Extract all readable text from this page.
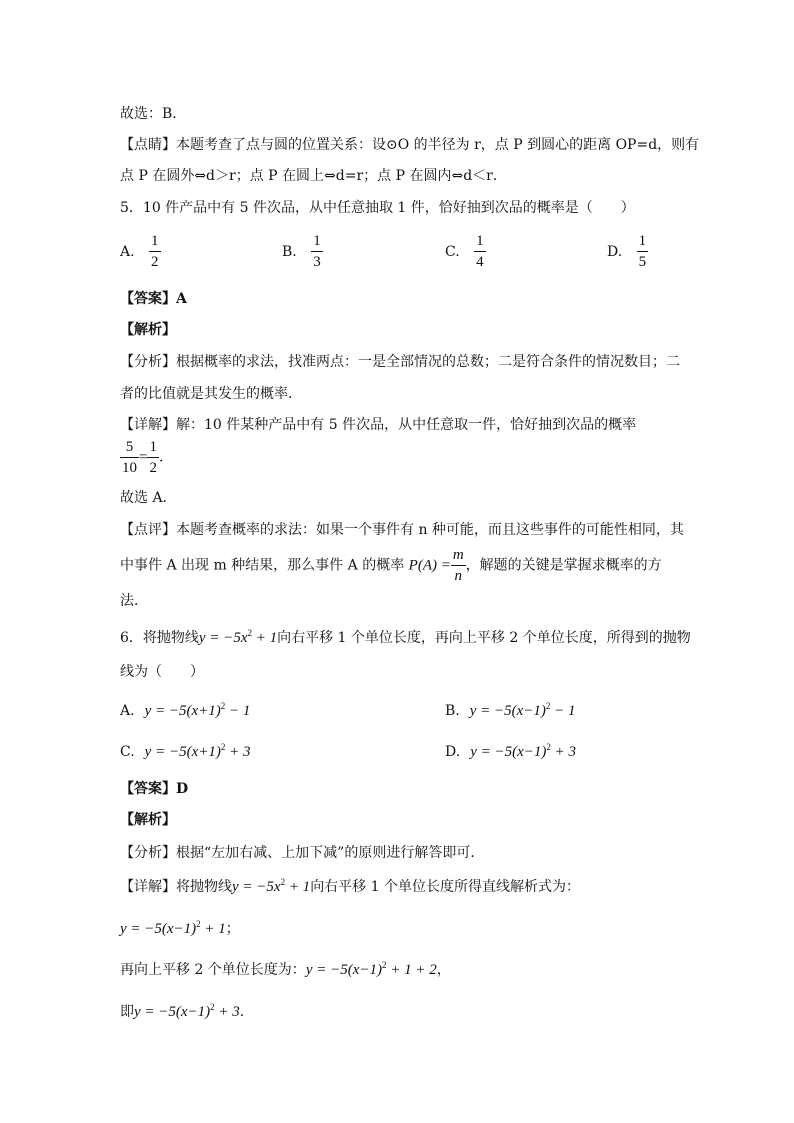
故选：B．
【点睛】本题考查了点与圆的位置关系：设⊙O 的半径为 r，点 P 到圆心的距离 OP=d，则有
点 P 在圆外⇔d＞r；点 P 在圆上⇔d=r；点 P 在圆内⇔d＜r．
5．10 件产品中有 5 件次品，从中任意抽取 1 件，恰好抽到次品的概率是（　　）
A. $\frac{1}{2}$	B. $\frac{1}{3}$	C. $\frac{1}{4}$	D. $\frac{1}{5}$
【答案】A
【解析】
【分析】根据概率的求法，找准两点：一是全部情况的总数；二是符合条件的情况数目；二
者的比值就是其发生的概率．
【详解】解：10 件某种产品中有 5 件次品，从中任意取一件，恰好抽到次品的概率
$\frac{5}{10} = \frac{1}{2}$ ．
故选 A．
【点评】本题考查概率的求法：如果一个事件有 n 种可能，而且这些事件的可能性相同，其
中事件 A 出现 m 种结果，那么事件 A 的概率 $P(A) = \frac{m}{n}$ ，解题的关键是掌握求概率的方
法．
6．将抛物线$y = -5x^2 + 1$向右平移 1 个单位长度，再向上平移 2 个单位长度，所得到的抛物
线为（　　）
A. $y = -5(x+1)^2 - 1$	B. $y = -5(x-1)^2 - 1$
C. $y = -5(x+1)^2 + 3$	D. $y = -5(x-1)^2 + 3$
【答案】D
【解析】
【分析】根据“左加右减、上加下减”的原则进行解答即可．
【详解】将抛物线$y = -5x^2 + 1$向右平移 1 个单位长度所得直线解析式为：
$y = -5(x-1)^2 + 1$；
再向上平移 2 个单位长度为：$y = -5(x-1)^2 + 1 + 2$，
即$y = -5(x-1)^2 + 3$．
